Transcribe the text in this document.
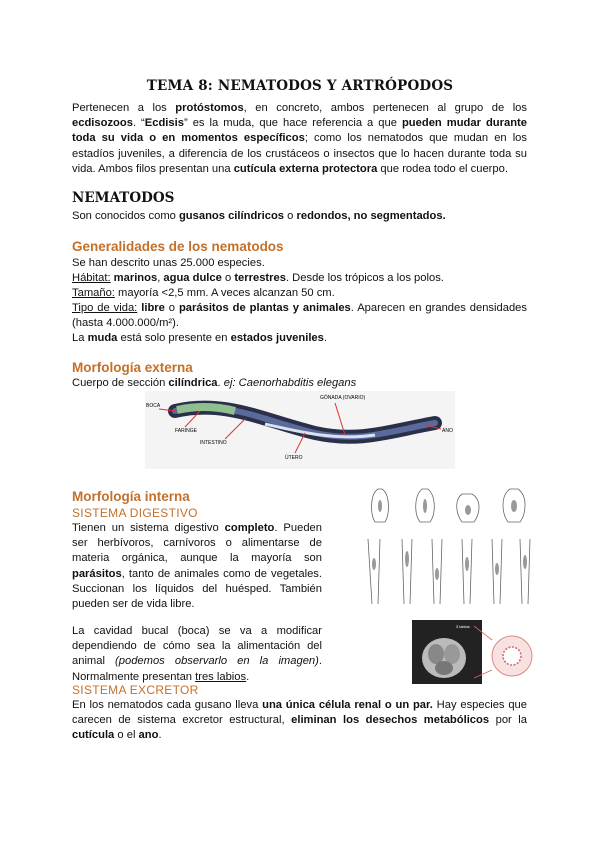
TEMA 8: NEMATODOS Y ARTRÓPODOS
Pertenecen a los protóstomos, en concreto, ambos pertenecen al grupo de los ecdisozoos. “Ecdisis” es la muda, que hace referencia a que pueden mudar durante toda su vida o en momentos específicos; como los nematodos que mudan en los estadíos juveniles, a diferencia de los crustáceos o insectos que lo hacen durante toda su vida. Ambos filos presentan una cutícula externa protectora que rodea todo el cuerpo.
NEMATODOS
Son conocidos como gusanos cilíndricos o redondos, no segmentados.
Generalidades de los nematodos
Se han descrito unas 25.000 especies.
Hábitat: marinos, agua dulce o terrestres. Desde los trópicos a los polos.
Tamaño: mayoría <2,5 mm. A veces alcanzan 50 cm.
Tipo de vida: libre o parásitos de plantas y animales. Aparecen en grandes densidades (hasta 4.000.000/m²).
La muda está solo presente en estados juveniles.
Morfología externa
Cuerpo de sección cilíndrica. ej: Caenorhabditis elegans
BOCA
FARINGE
INTESTINO
ÚTERO
GÓNADA (OVARIO)
ANO
Morfología interna
SISTEMA DIGESTIVO
Tienen un sistema digestivo completo. Pueden ser herbívoros, carnívoros o alimentarse de materia orgánica, aunque la mayoría son parásitos, tanto de animales como de vegetales. Succionan los líquidos del huésped. También pueden ser de vida libre.
La cavidad bucal (boca) se va a modificar dependiendo de cómo sea la alimentación del animal (podemos observarlo en la imagen). Normalmente presentan tres labios.
3 labios
SISTEMA EXCRETOR
En los nematodos cada gusano lleva una única célula renal o un par. Hay especies que carecen de sistema excretor estructural, eliminan los desechos metabólicos por la cutícula o el ano.
